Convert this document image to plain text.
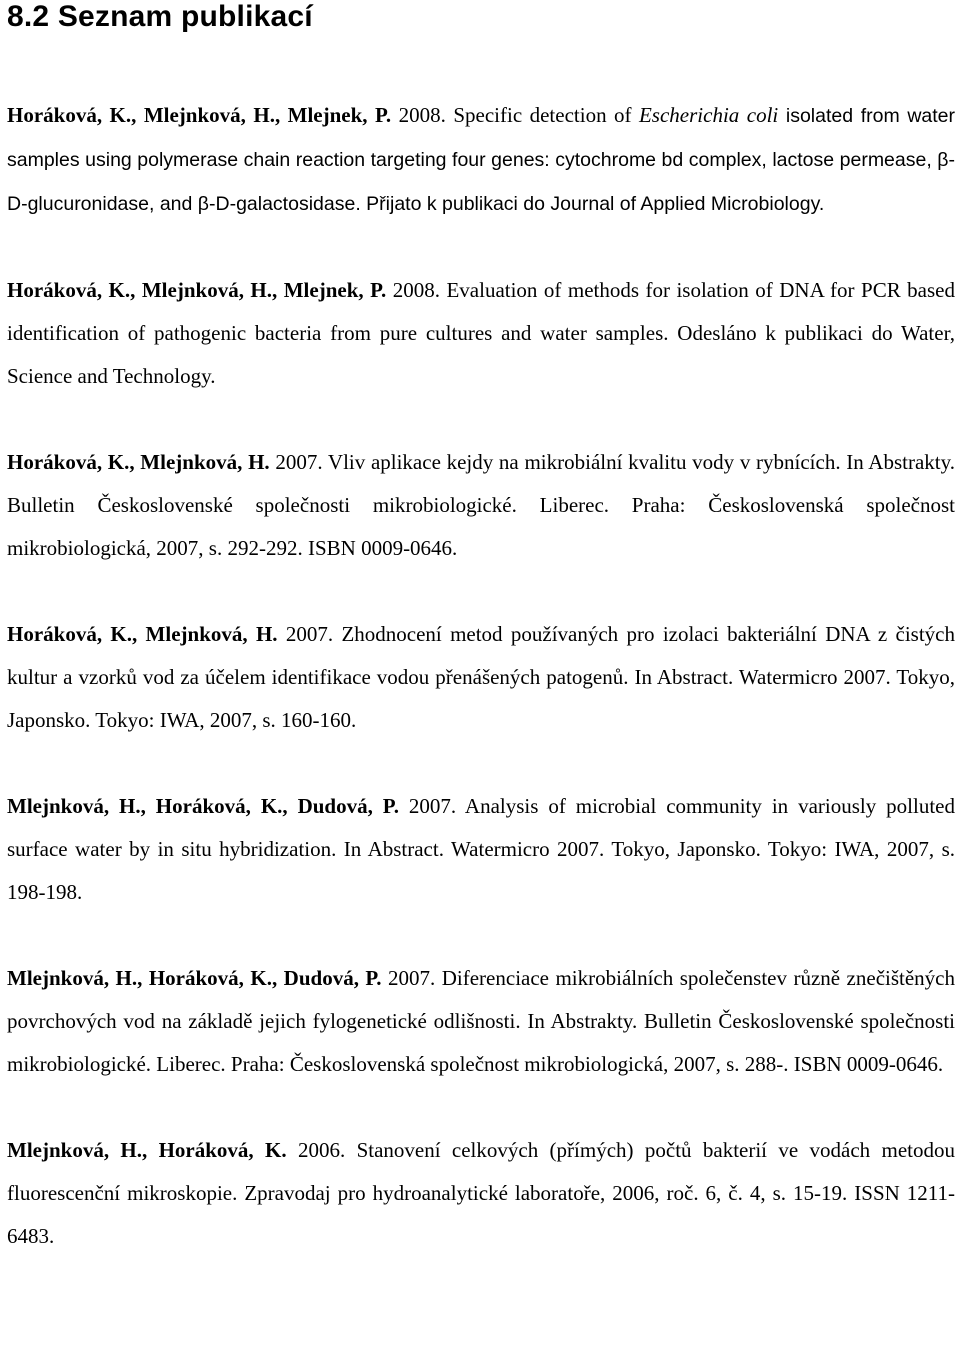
8.2 Seznam publikací

Horáková, K., Mlejnková, H., Mlejnek, P. 2008. Specific detection of Escherichia coli isolated from water samples using polymerase chain reaction targeting four genes: cytochrome bd complex, lactose permease, β-D-glucuronidase, and β-D-galactosidase. Přijato k publikaci do Journal of Applied Microbiology.

Horáková, K., Mlejnková, H., Mlejnek, P. 2008. Evaluation of methods for isolation of DNA for PCR based identification of pathogenic bacteria from pure cultures and water samples. Odesláno k publikaci do Water, Science and Technology.

Horáková, K., Mlejnková, H. 2007. Vliv aplikace kejdy na mikrobiální kvalitu vody v rybnících. In Abstrakty. Bulletin Československé společnosti mikrobiologické. Liberec. Praha: Československá společnost mikrobiologická, 2007, s. 292-292. ISBN 0009-0646.

Horáková, K., Mlejnková, H. 2007. Zhodnocení metod používaných pro izolaci bakteriální DNA z čistých kultur a vzorků vod za účelem identifikace vodou přenášených patogenů. In Abstract. Watermicro 2007. Tokyo, Japonsko. Tokyo: IWA, 2007, s. 160-160.

Mlejnková, H., Horáková, K., Dudová, P. 2007. Analysis of microbial community in variously polluted surface water by in situ hybridization. In Abstract. Watermicro 2007. Tokyo, Japonsko. Tokyo: IWA, 2007, s. 198-198.

Mlejnková, H., Horáková, K., Dudová, P. 2007. Diferenciace mikrobiálních společenstev různě znečištěných povrchových vod na základě jejich fylogenetické odlišnosti. In Abstrakty. Bulletin Československé společnosti mikrobiologické. Liberec. Praha: Československá společnost mikrobiologická, 2007, s. 288-. ISBN 0009-0646.

Mlejnková, H., Horáková, K. 2006. Stanovení celkových (přímých) počtů bakterií ve vodách metodou fluorescenční mikroskopie. Zpravodaj pro hydroanalytické laboratoře, 2006, roč. 6, č. 4, s. 15-19. ISSN 1211-6483.
